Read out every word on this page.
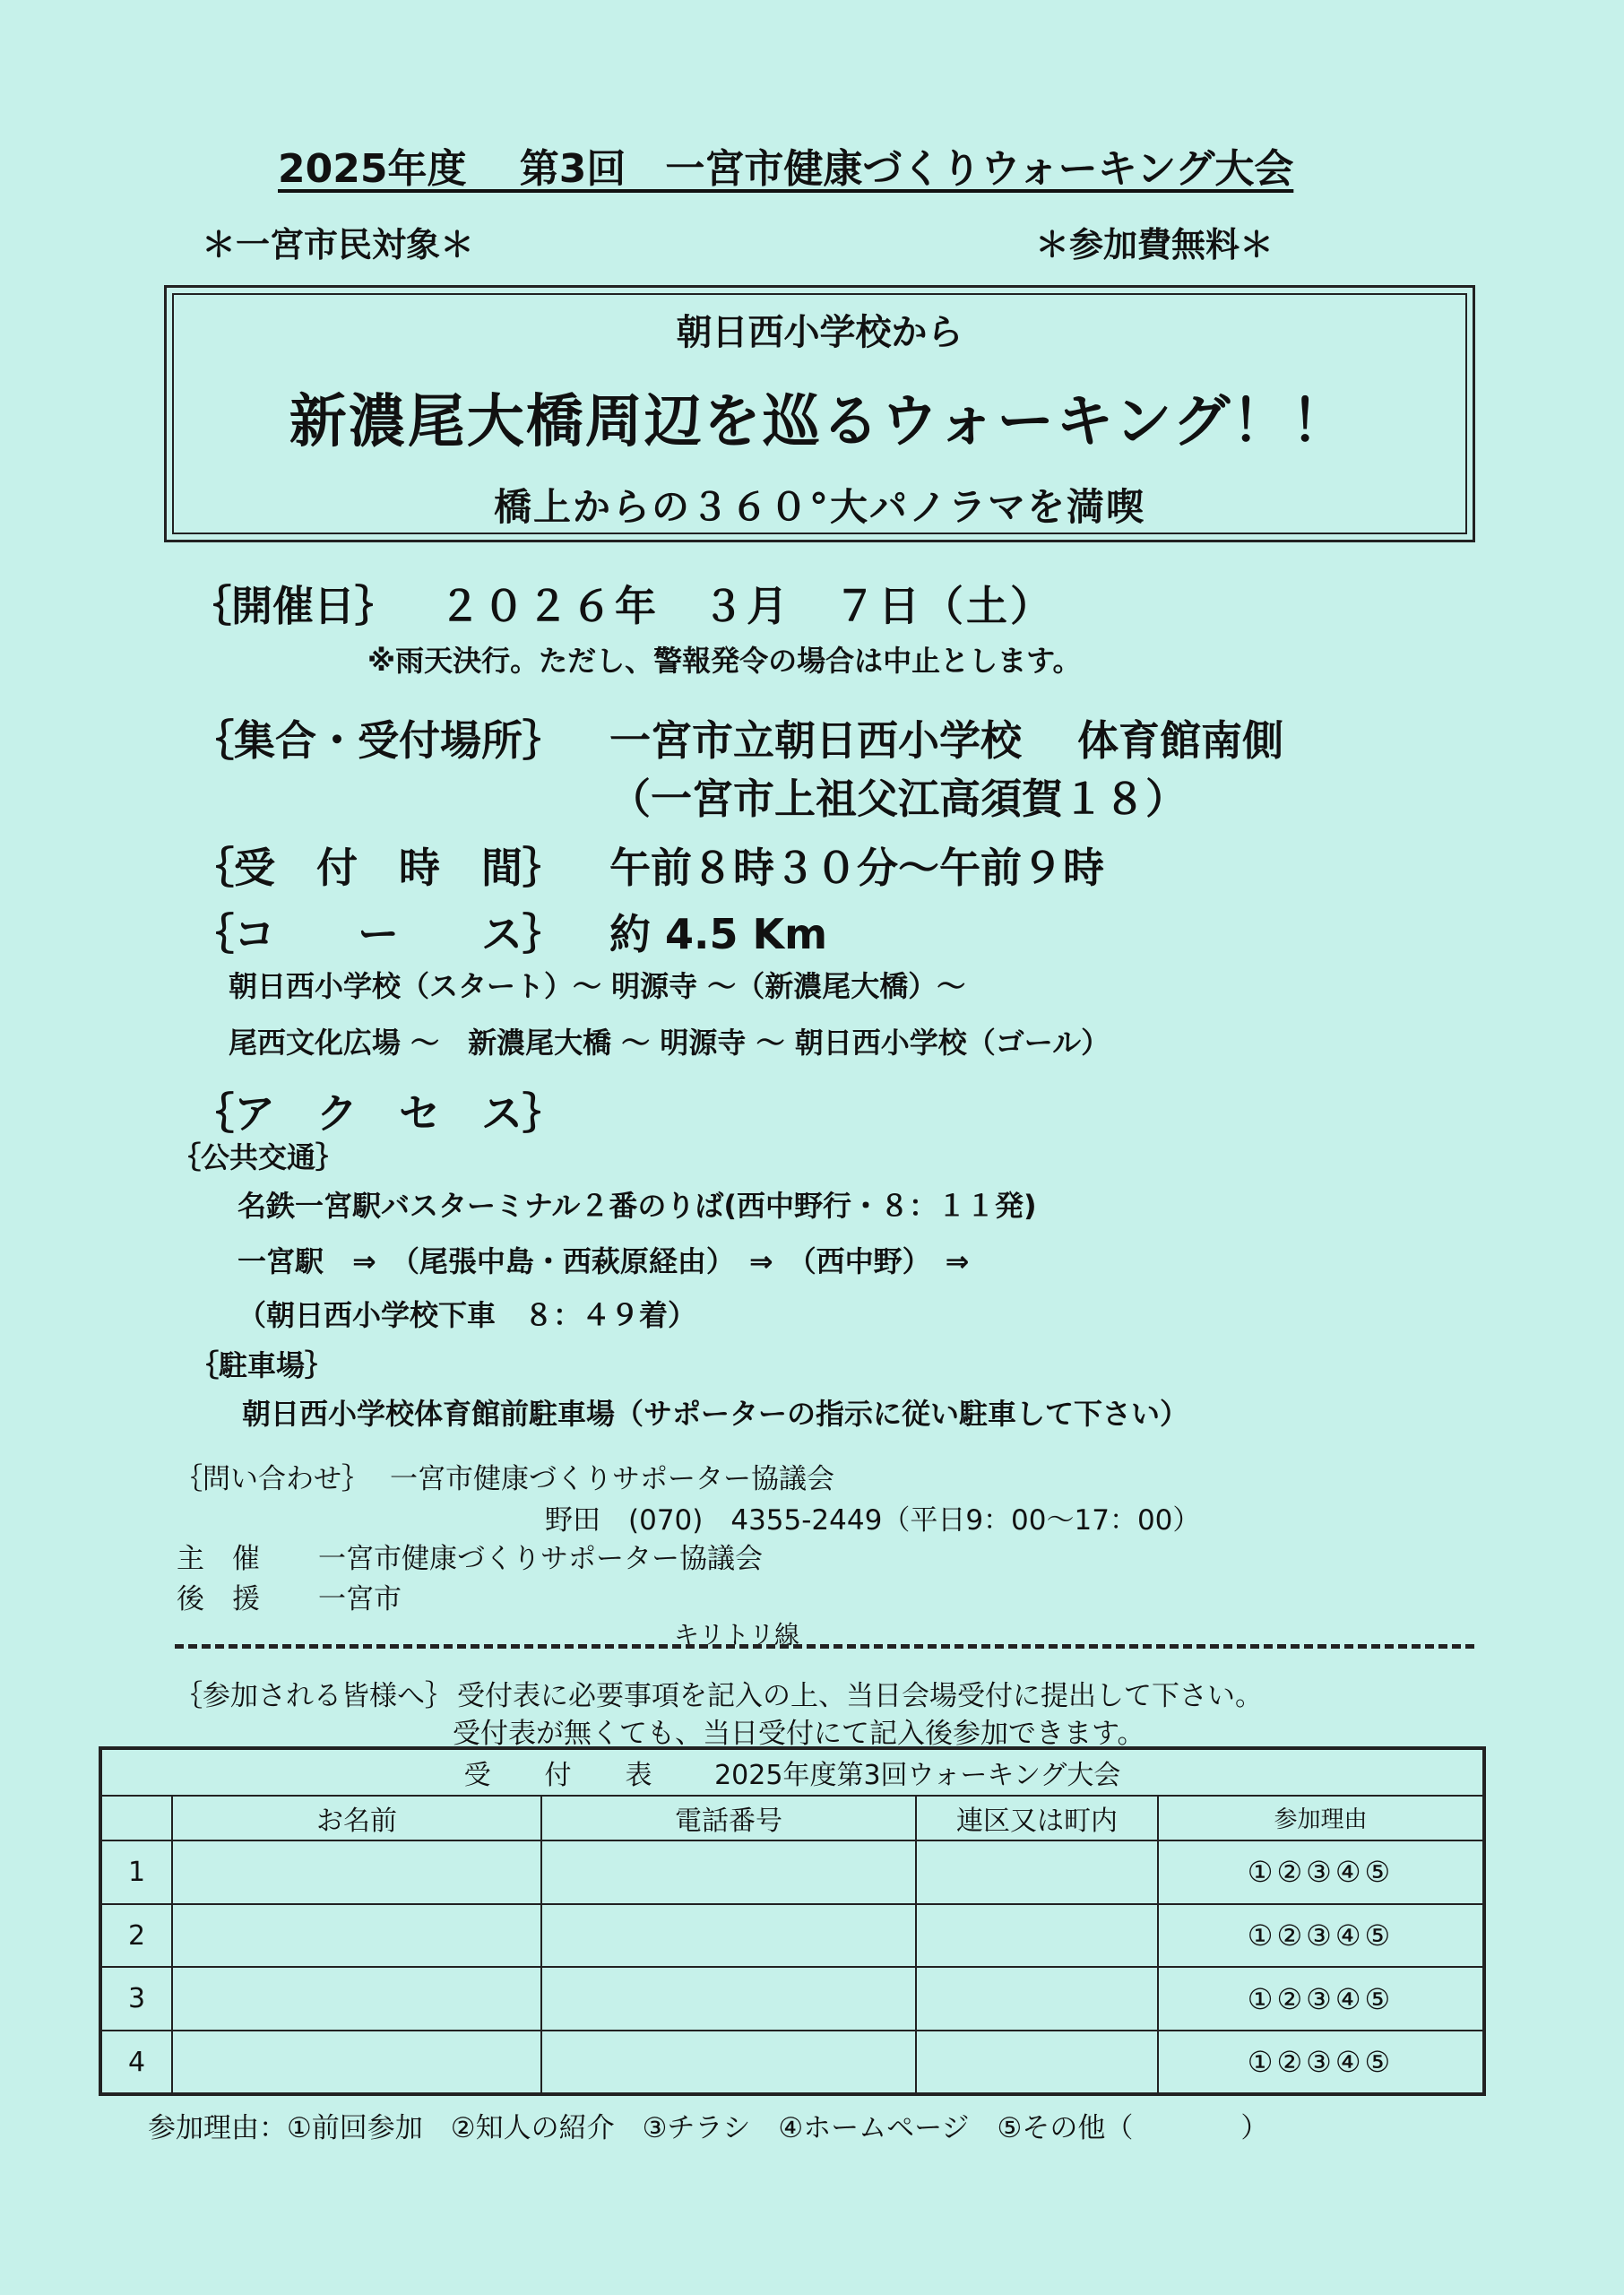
2025年度　 第3回　一宮市健康づくりウォーキング大会
＊一宮市民対象＊	＊参加費無料＊
朝日西小学校から
新濃尾大橋周辺を巡るウォーキング！！
橋上からの３６０°大パノラマを満喫
｛開催日｝ ２０２６年　３月　７日（土）
※雨天決行。ただし、警報発令の場合は中止とします。
｛集合・受付場所｝ 一宮市立朝日西小学校　 体育館南側
（一宮市上祖父江高須賀１８）
｛受　付　時　間｝ 午前８時３０分～午前９時
｛コ　　ー　　ス｝ 約 4.5 Km
朝日西小学校（スタート）～ 明源寺 ～（新濃尾大橋）～
尾西文化広場 ～　新濃尾大橋 ～ 明源寺 ～ 朝日西小学校（ゴール）
｛ア　ク　セ　ス｝
｛公共交通｝
名鉄一宮駅バスターミナル２番のりば(西中野行・８：１１発)
一宮駅　⇒　（尾張中島・西萩原経由）　⇒　（西中野）　⇒
（朝日西小学校下車　８：４９着）
｛駐車場｝
朝日西小学校体育館前駐車場（サポーターの指示に従い駐車して下さい）
｛問い合わせ｝ 一宮市健康づくりサポーター協議会
野田　(070)　4355-2449（平日9：00～17：00）
主　催 一宮市健康づくりサポーター協議会
後　援 一宮市
キリトリ線
｛参加される皆様へ｝ 受付表に必要事項を記入の上、当日会場受付に提出して下さい。
受付表が無くても、当日受付にて記入後参加できます。
受　　付　　表　　 2025年度第3回ウォーキング大会				
	お名前	電話番号	連区又は町内	参加理由
1				①②③④⑤
2				①②③④⑤
3				①②③④⑤
4				①②③④⑤
参加理由：①前回参加　②知人の紹介　③チラシ　④ホームページ　⑤その他（	）
